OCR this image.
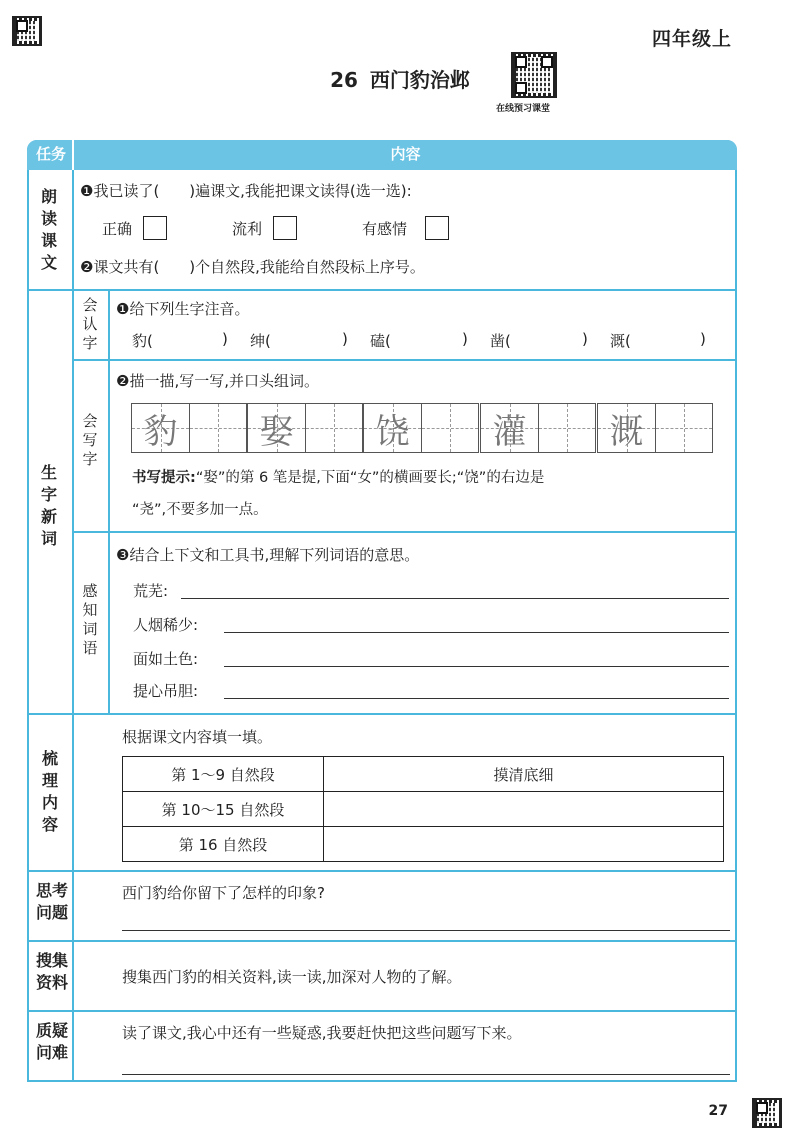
四年级上
26 西门豹治邺
在线预习课堂
任务	内容
朗
读
课
文
❶我已读了(　　)遍课文,我能把课文读得(选一选):
正确	流利	有感情
❷课文共有(　　)个自然段,我能给自然段标上序号。
生
字
新
词
会
认
字
❶给下列生字注音。
豹(	) 绅(	) 磕(	) 凿(	) 溉(	)
会
写
字
❷描一描,写一写,并口头组词。
豹	娶	饶	灌	溉
书写提示:“娶”的第 6 笔是提,下面“女”的横画要长;“饶”的右边是
“尧”,不要多加一点。
感
知
词
语
❸结合上下文和工具书,理解下列词语的意思。
荒芜:
人烟稀少:
面如土色:
提心吊胆:
梳
理
内
容
根据课文内容填一填。
第 1～9 自然段	摸清底细
第 10～15 自然段	
第 16 自然段	
思考
问题
西门豹给你留下了怎样的印象?
搜集
资料	搜集西门豹的相关资料,读一读,加深对人物的了解。
质疑
问难
读了课文,我心中还有一些疑惑,我要赶快把这些问题写下来。
27
